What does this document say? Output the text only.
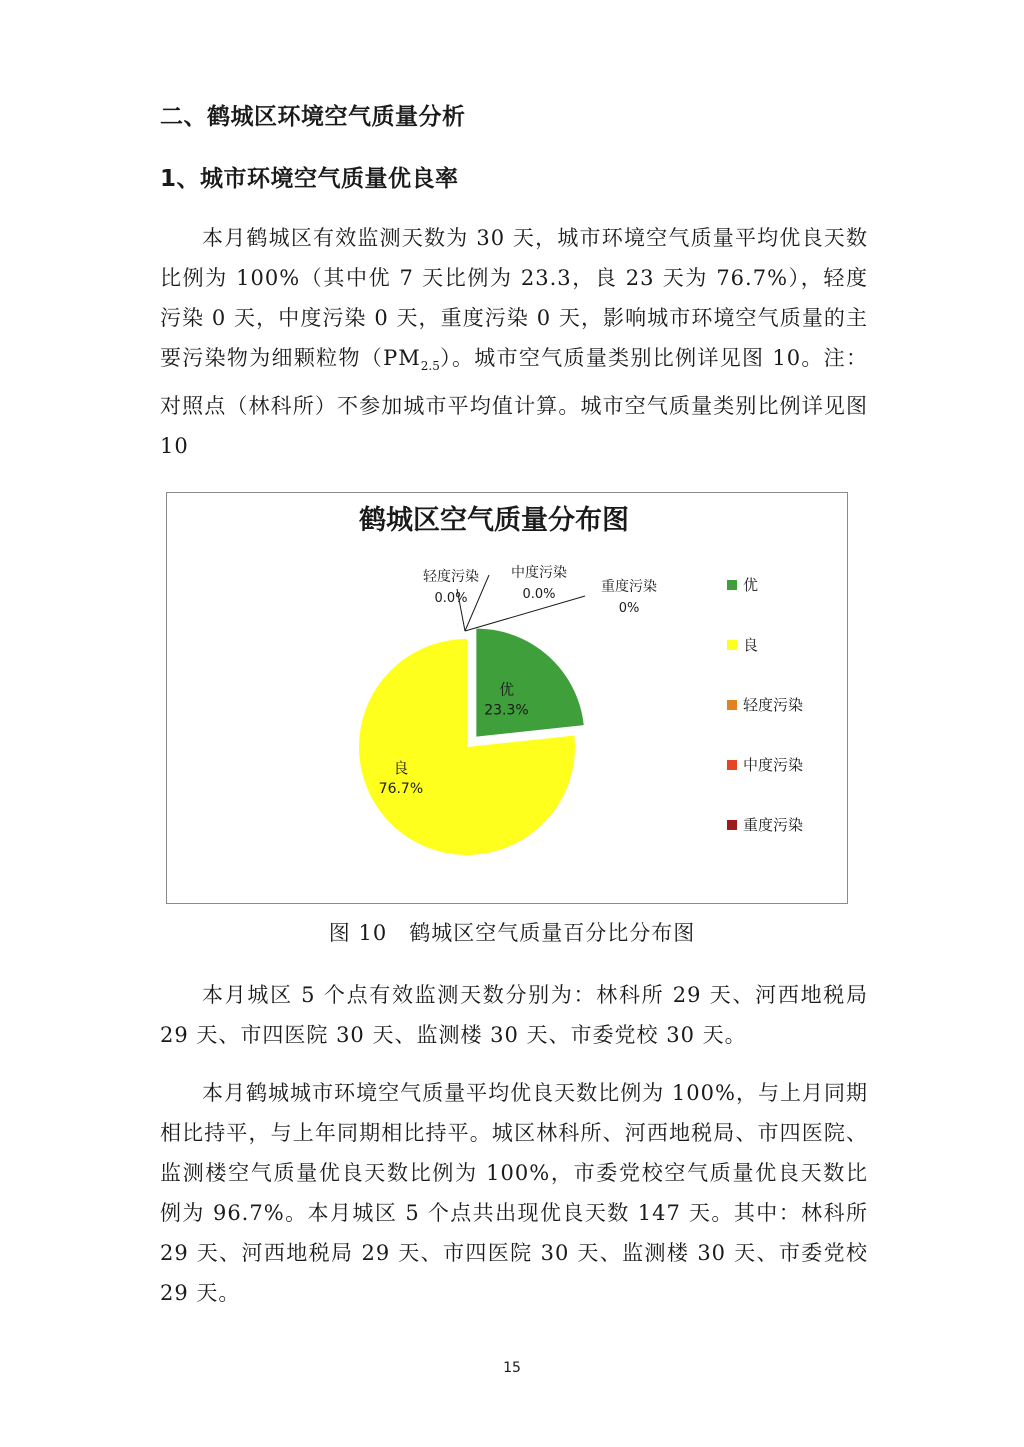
二、鹤城区环境空气质量分析
1、城市环境空气质量优良率

本月鹤城区有效监测天数为 30 天，城市环境空气质量平均优良天数比例为 100%（其中优 7 天比例为 23.3，良 23 天为 76.7%），轻度污染 0 天，中度污染 0 天，重度污染 0 天，影响城市环境空气质量的主要污染物为细颗粒物$(PM_{2.5})$。城市空气质量类别比例详见图 10。注：对照点（林科所）不参加城市平均值计算。城市空气质量类别比例详见图 10

鹤城区空气质量分布图
优
23.3%
良
76.7%
轻度污染
0.0%
中度污染
0.0%	重度污染
0%
优
良
轻度污染
中度污染
重度污染
图 10　鹤城区空气质量百分比分布图

本月城区 5 个点有效监测天数分别为：林科所 29 天、河西地税局 29 天、市四医院 30 天、监测楼 30 天、市委党校 30 天。

本月鹤城城市环境空气质量平均优良天数比例为 100%，与上月同期相比持平，与上年同期相比持平。城区林科所、河西地税局、市四医院、监测楼空气质量优良天数比例为 100%，市委党校空气质量优良天数比例为 96.7%。本月城区 5 个点共出现优良天数 147 天。其中：林科所 29 天、河西地税局 29 天、市四医院 30 天、监测楼 30 天、市委党校 29 天。

15
